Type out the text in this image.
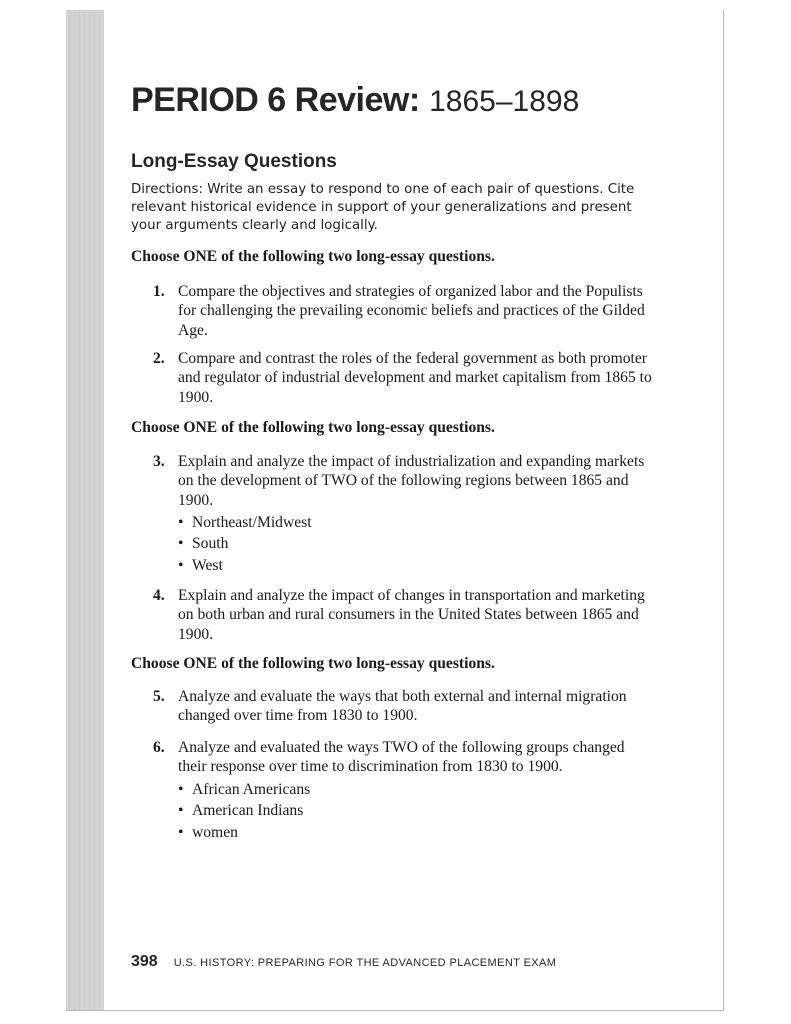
PERIOD 6 Review: 1865–1898
Long-Essay Questions

Directions: Write an essay to respond to one of each pair of questions. Cite relevant historical evidence in support of your generalizations and present your arguments clearly and logically.

Choose ONE of the following two long-essay questions.
1. Compare the objectives and strategies of organized labor and the Populists for challenging the prevailing economic beliefs and practices of the Gilded Age.
2. Compare and contrast the roles of the federal government as both promoter and regulator of industrial development and market capitalism from 1865 to 1900.
Choose ONE of the following two long-essay questions.
3. Explain and analyze the impact of industrialization and expanding markets on the development of TWO of the following regions between 1865 and 1900.
• Northeast/Midwest
• South
• West
4. Explain and analyze the impact of changes in transportation and marketing on both urban and rural consumers in the United States between 1865 and 1900.
Choose ONE of the following two long-essay questions.
5. Analyze and evaluate the ways that both external and internal migration changed over time from 1830 to 1900.
6. Analyze and evaluated the ways TWO of the following groups changed their response over time to discrimination from 1830 to 1900.
• African Americans
• American Indians
• women
398 U.S. HISTORY: PREPARING FOR THE ADVANCED PLACEMENT EXAM
